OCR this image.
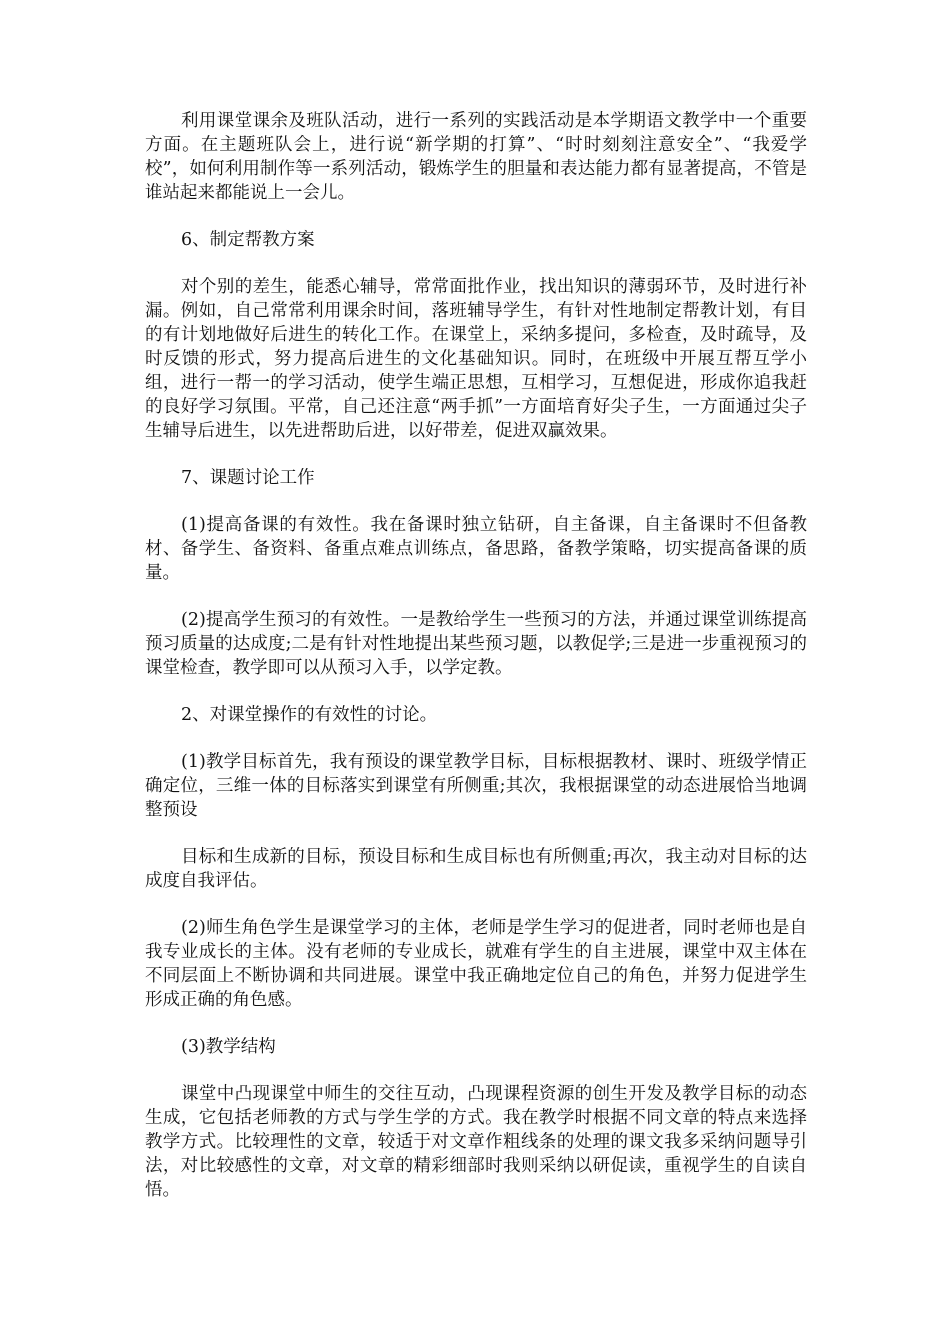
利用课堂课余及班队活动，进行一系列的实践活动是本学期语文教学中一个重要方面。在主题班队会上，进行说“新学期的打算”、“时时刻刻注意安全”、“我爱学校”，如何利用制作等一系列活动，锻炼学生的胆量和表达能力都有显著提高，不管是谁站起来都能说上一会儿。

6、制定帮教方案

对个别的差生，能悉心辅导，常常面批作业，找出知识的薄弱环节，及时进行补漏。例如，自己常常利用课余时间，落班辅导学生，有针对性地制定帮教计划，有目的有计划地做好后进生的转化工作。在课堂上，采纳多提问，多检查，及时疏导，及时反馈的形式，努力提高后进生的文化基础知识。同时，在班级中开展互帮互学小组，进行一帮一的学习活动，使学生端正思想，互相学习，互想促进，形成你追我赶的良好学习氛围。平常，自己还注意“两手抓”一方面培育好尖子生，一方面通过尖子生辅导后进生，以先进帮助后进，以好带差，促进双赢效果。

7、课题讨论工作

(1)提高备课的有效性。我在备课时独立钻研，自主备课，自主备课时不但备教材、备学生、备资料、备重点难点训练点，备思路，备教学策略，切实提高备课的质量。

(2)提高学生预习的有效性。一是教给学生一些预习的方法，并通过课堂训练提高预习质量的达成度;二是有针对性地提出某些预习题，以教促学;三是进一步重视预习的课堂检查，教学即可以从预习入手，以学定教。

2、对课堂操作的有效性的讨论。

(1)教学目标首先，我有预设的课堂教学目标，目标根据教材、课时、班级学情正确定位，三维一体的目标落实到课堂有所侧重;其次，我根据课堂的动态进展恰当地调整预设

目标和生成新的目标，预设目标和生成目标也有所侧重;再次，我主动对目标的达成度自我评估。

(2)师生角色学生是课堂学习的主体，老师是学生学习的促进者，同时老师也是自我专业成长的主体。没有老师的专业成长，就难有学生的自主进展，课堂中双主体在不同层面上不断协调和共同进展。课堂中我正确地定位自己的角色，并努力促进学生形成正确的角色感。

(3)教学结构

课堂中凸现课堂中师生的交往互动，凸现课程资源的创生开发及教学目标的动态生成，它包括老师教的方式与学生学的方式。我在教学时根据不同文章的特点来选择教学方式。比较理性的文章，较适于对文章作粗线条的处理的课文我多采纳问题导引法，对比较感性的文章，对文章的精彩细部时我则采纳以研促读，重视学生的自读自悟。
